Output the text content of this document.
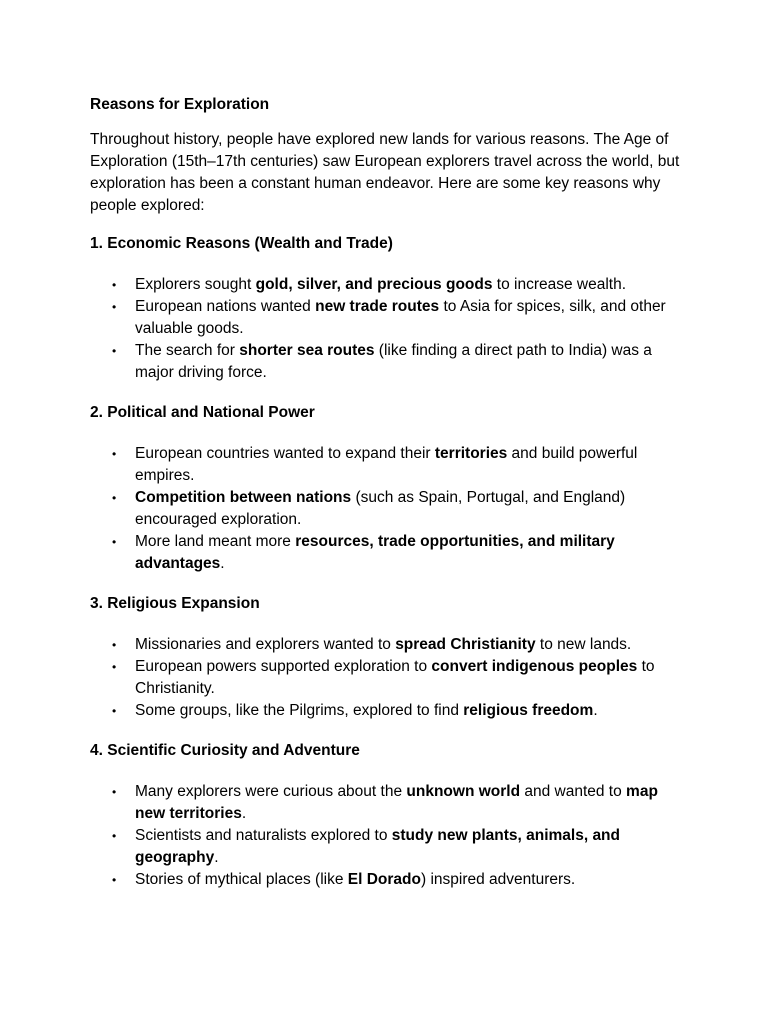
Reasons for Exploration

Throughout history, people have explored new lands for various reasons. The Age of Exploration (15th–17th centuries) saw European explorers travel across the world, but exploration has been a constant human endeavor. Here are some key reasons why people explored:

1. Economic Reasons (Wealth and Trade)
• Explorers sought gold, silver, and precious goods to increase wealth.
• European nations wanted new trade routes to Asia for spices, silk, and other valuable goods.
• The search for shorter sea routes (like finding a direct path to India) was a major driving force.
2. Political and National Power
• European countries wanted to expand their territories and build powerful empires.
• Competition between nations (such as Spain, Portugal, and England) encouraged exploration.
• More land meant more resources, trade opportunities, and military advantages.
3. Religious Expansion
• Missionaries and explorers wanted to spread Christianity to new lands.
• European powers supported exploration to convert indigenous peoples to Christianity.
• Some groups, like the Pilgrims, explored to find religious freedom.
4. Scientific Curiosity and Adventure
• Many explorers were curious about the unknown world and wanted to map new territories.
• Scientists and naturalists explored to study new plants, animals, and geography.
• Stories of mythical places (like El Dorado) inspired adventurers.
